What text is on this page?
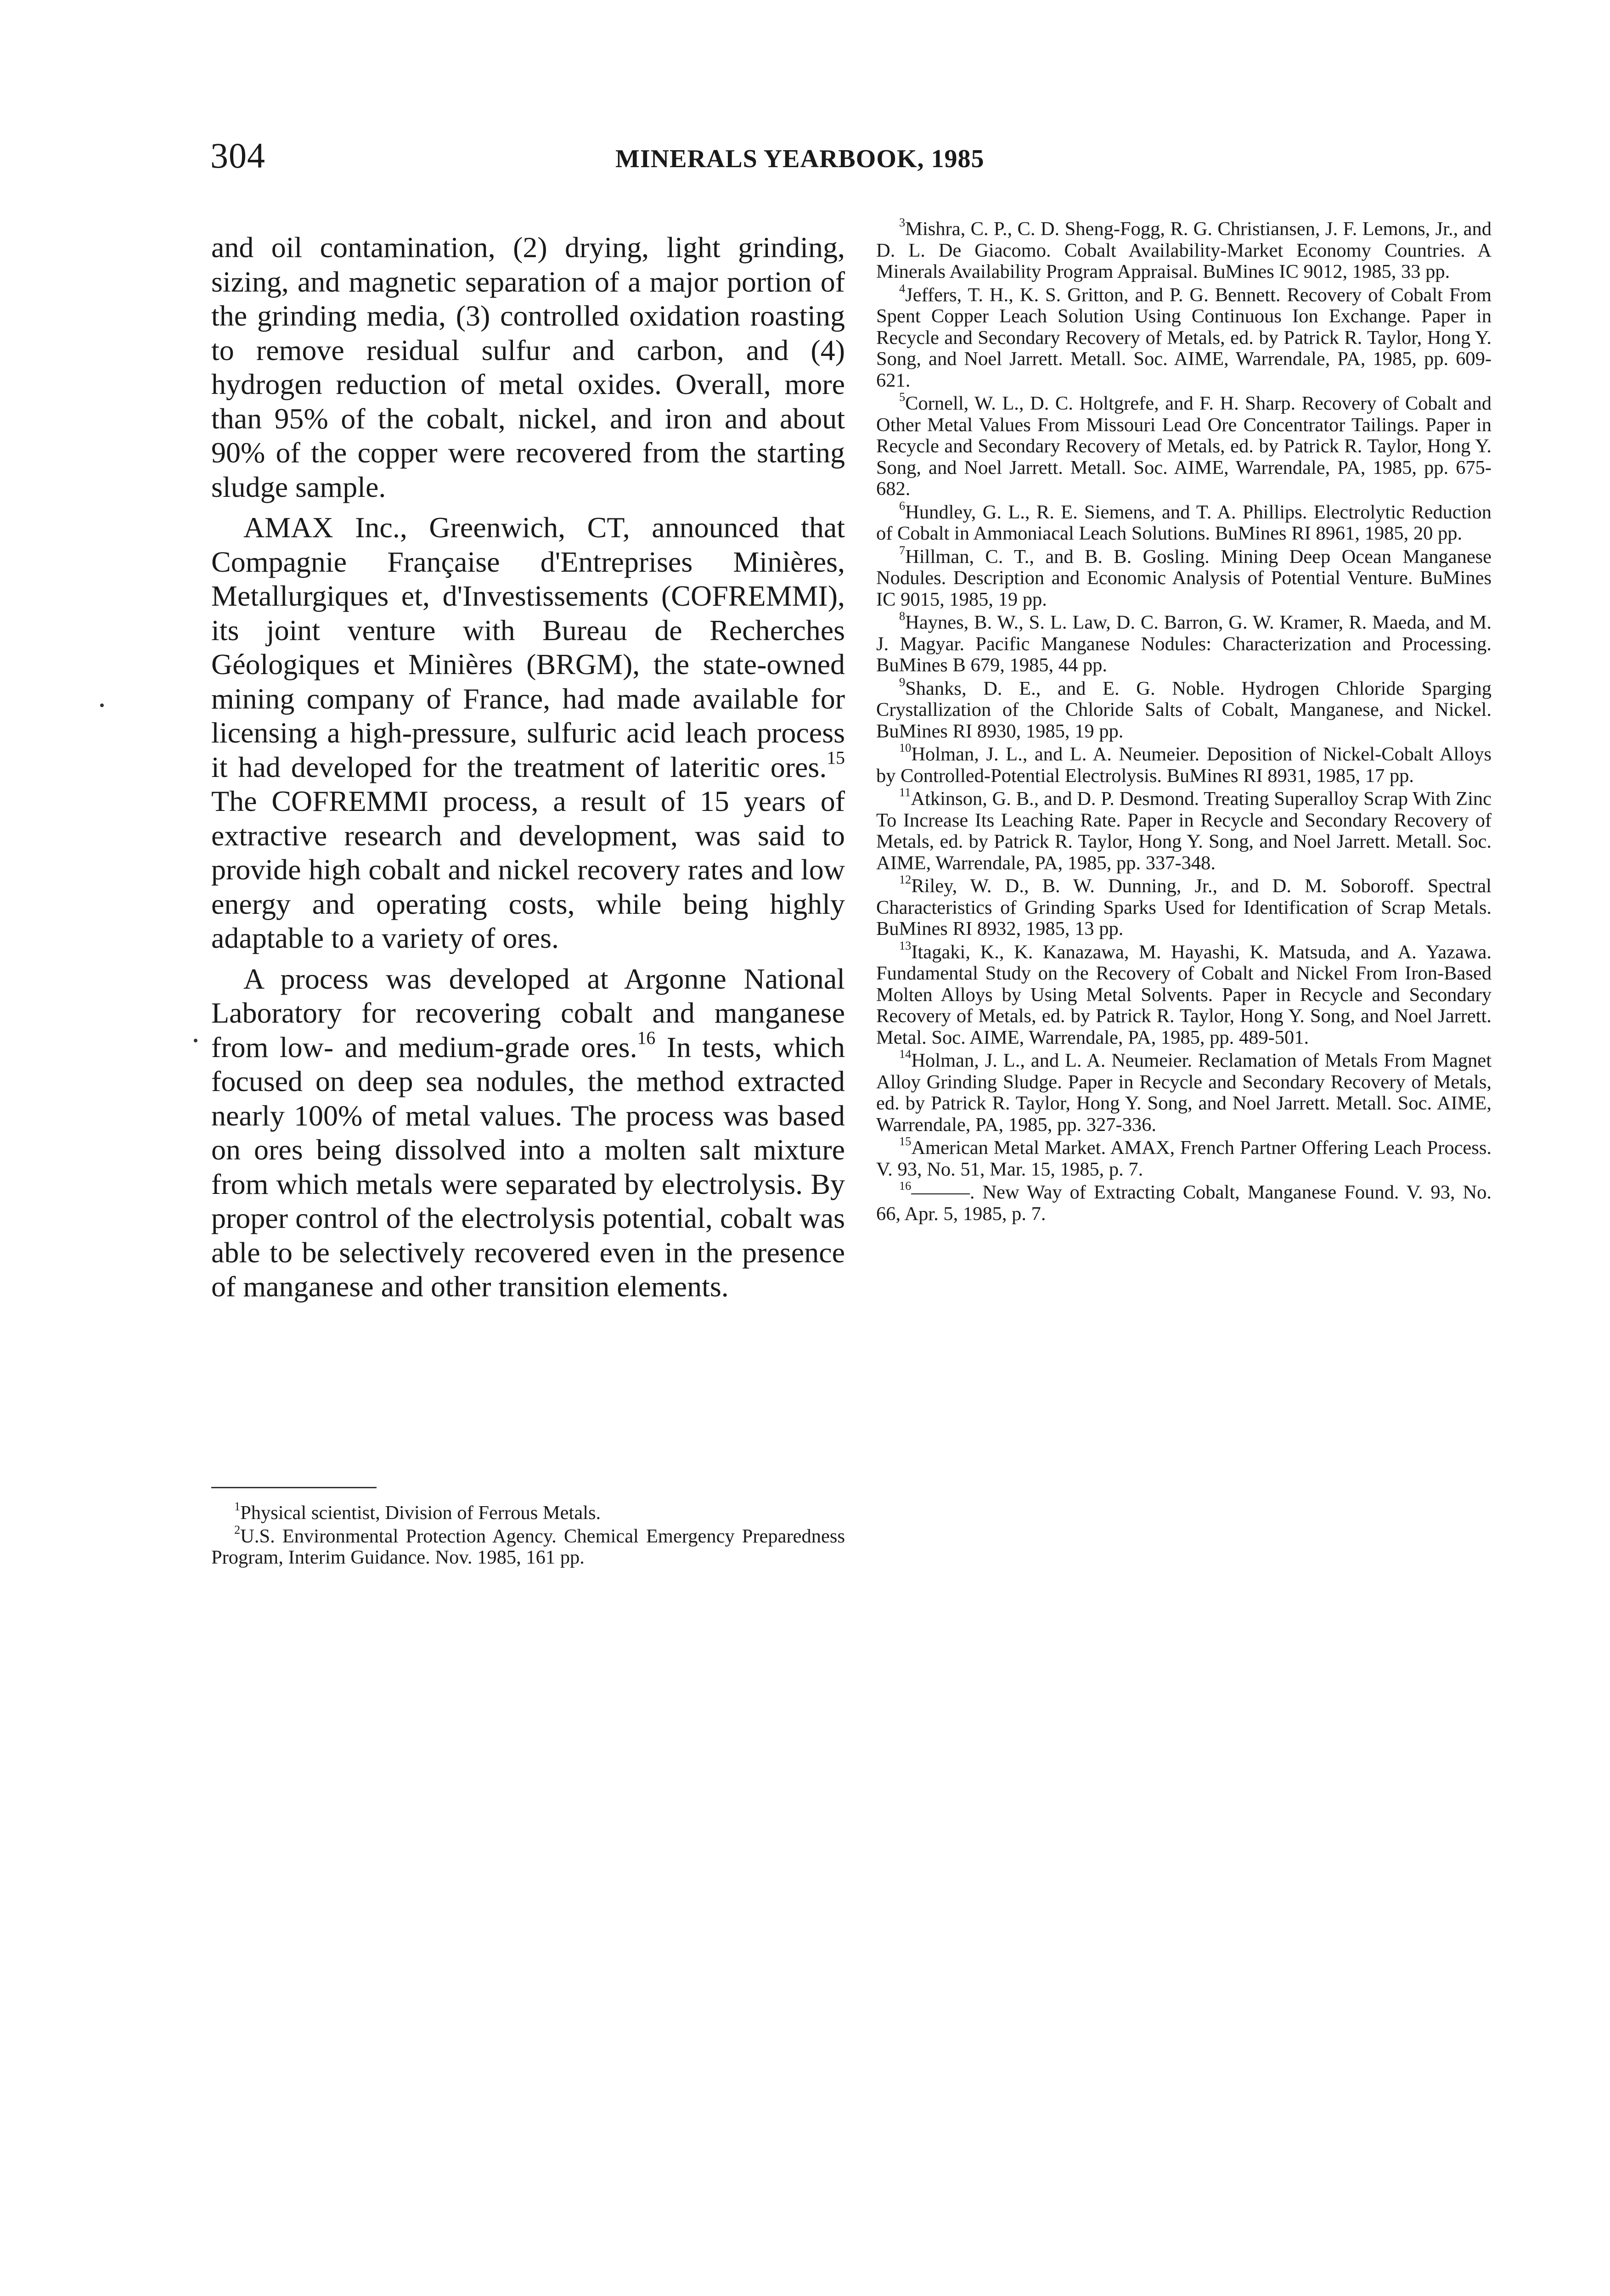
304	MINERALS YEARBOOK, 1985

and oil contamination, (2) drying, light grinding, sizing, and magnetic separation of a major portion of the grinding media, (3) controlled oxidation roasting to remove residual sulfur and carbon, and (4) hydrogen reduction of metal oxides. Overall, more than 95% of the cobalt, nickel, and iron and about 90% of the copper were recovered from the starting sludge sample.

AMAX Inc., Greenwich, CT, announced that Compagnie Française d'Entreprises Minières, Metallurgiques et, d'Investissements (COFREMMI), its joint venture with Bureau de Recherches Géologiques et Minières (BRGM), the state-owned mining company of France, had made available for licensing a high-pressure, sulfuric acid leach process it had developed for the treatment of lateritic ores.$^{15}$ The COFREMMI process, a result of 15 years of extractive research and development, was said to provide high cobalt and nickel recovery rates and low energy and operating costs, while being highly adaptable to a variety of ores.

A process was developed at Argonne National Laboratory for recovering cobalt and manganese from low- and medium-grade ores.$^{16}$ In tests, which focused on deep sea nodules, the method extracted nearly 100% of metal values. The process was based on ores being dissolved into a molten salt mixture from which metals were separated by electrolysis. By proper control of the electrolysis potential, cobalt was able to be selectively recovered even in the presence of manganese and other transition elements.

$^1$Physical scientist, Division of Ferrous Metals.

$^2$U.S. Environmental Protection Agency. Chemical Emergency Preparedness Program, Interim Guidance. Nov. 1985, 161 pp.

$^3$Mishra, C. P., C. D. Sheng-Fogg, R. G. Christiansen, J. F. Lemons, Jr., and D. L. De Giacomo. Cobalt Availability-Market Economy Countries. A Minerals Availability Program Appraisal. BuMines IC 9012, 1985, 33 pp.

$^4$Jeffers, T. H., K. S. Gritton, and P. G. Bennett. Recovery of Cobalt From Spent Copper Leach Solution Using Continuous Ion Exchange. Paper in Recycle and Secondary Recovery of Metals, ed. by Patrick R. Taylor, Hong Y. Song, and Noel Jarrett. Metall. Soc. AIME, Warrendale, PA, 1985, pp. 609-621.

$^5$Cornell, W. L., D. C. Holtgrefe, and F. H. Sharp. Recovery of Cobalt and Other Metal Values From Missouri Lead Ore Concentrator Tailings. Paper in Recycle and Secondary Recovery of Metals, ed. by Patrick R. Taylor, Hong Y. Song, and Noel Jarrett. Metall. Soc. AIME, Warrendale, PA, 1985, pp. 675-682.

$^6$Hundley, G. L., R. E. Siemens, and T. A. Phillips. Electrolytic Reduction of Cobalt in Ammoniacal Leach Solutions. BuMines RI 8961, 1985, 20 pp.

$^7$Hillman, C. T., and B. B. Gosling. Mining Deep Ocean Manganese Nodules. Description and Economic Analysis of Potential Venture. BuMines IC 9015, 1985, 19 pp.

$^8$Haynes, B. W., S. L. Law, D. C. Barron, G. W. Kramer, R. Maeda, and M. J. Magyar. Pacific Manganese Nodules: Characterization and Processing. BuMines B 679, 1985, 44 pp.

$^9$Shanks, D. E., and E. G. Noble. Hydrogen Chloride Sparging Crystallization of the Chloride Salts of Cobalt, Manganese, and Nickel. BuMines RI 8930, 1985, 19 pp.

$^{10}$Holman, J. L., and L. A. Neumeier. Deposition of Nickel-Cobalt Alloys by Controlled-Potential Electrolysis. BuMines RI 8931, 1985, 17 pp.

$^{11}$Atkinson, G. B., and D. P. Desmond. Treating Superalloy Scrap With Zinc To Increase Its Leaching Rate. Paper in Recycle and Secondary Recovery of Metals, ed. by Patrick R. Taylor, Hong Y. Song, and Noel Jarrett. Metall. Soc. AIME, Warrendale, PA, 1985, pp. 337-348.

$^{12}$Riley, W. D., B. W. Dunning, Jr., and D. M. Soboroff. Spectral Characteristics of Grinding Sparks Used for Identification of Scrap Metals. BuMines RI 8932, 1985, 13 pp.

$^{13}$Itagaki, K., K. Kanazawa, M. Hayashi, K. Matsuda, and A. Yazawa. Fundamental Study on the Recovery of Cobalt and Nickel From Iron-Based Molten Alloys by Using Metal Solvents. Paper in Recycle and Secondary Recovery of Metals, ed. by Patrick R. Taylor, Hong Y. Song, and Noel Jarrett. Metal. Soc. AIME, Warrendale, PA, 1985, pp. 489-501.

$^{14}$Holman, J. L., and L. A. Neumeier. Reclamation of Metals From Magnet Alloy Grinding Sludge. Paper in Recycle and Secondary Recovery of Metals, ed. by Patrick R. Taylor, Hong Y. Song, and Noel Jarrett. Metall. Soc. AIME, Warrendale, PA, 1985, pp. 327-336.

$^{15}$American Metal Market. AMAX, French Partner Offering Leach Process. V. 93, No. 51, Mar. 15, 1985, p. 7.

$^{16}$———. New Way of Extracting Cobalt, Manganese Found. V. 93, No. 66, Apr. 5, 1985, p. 7.
